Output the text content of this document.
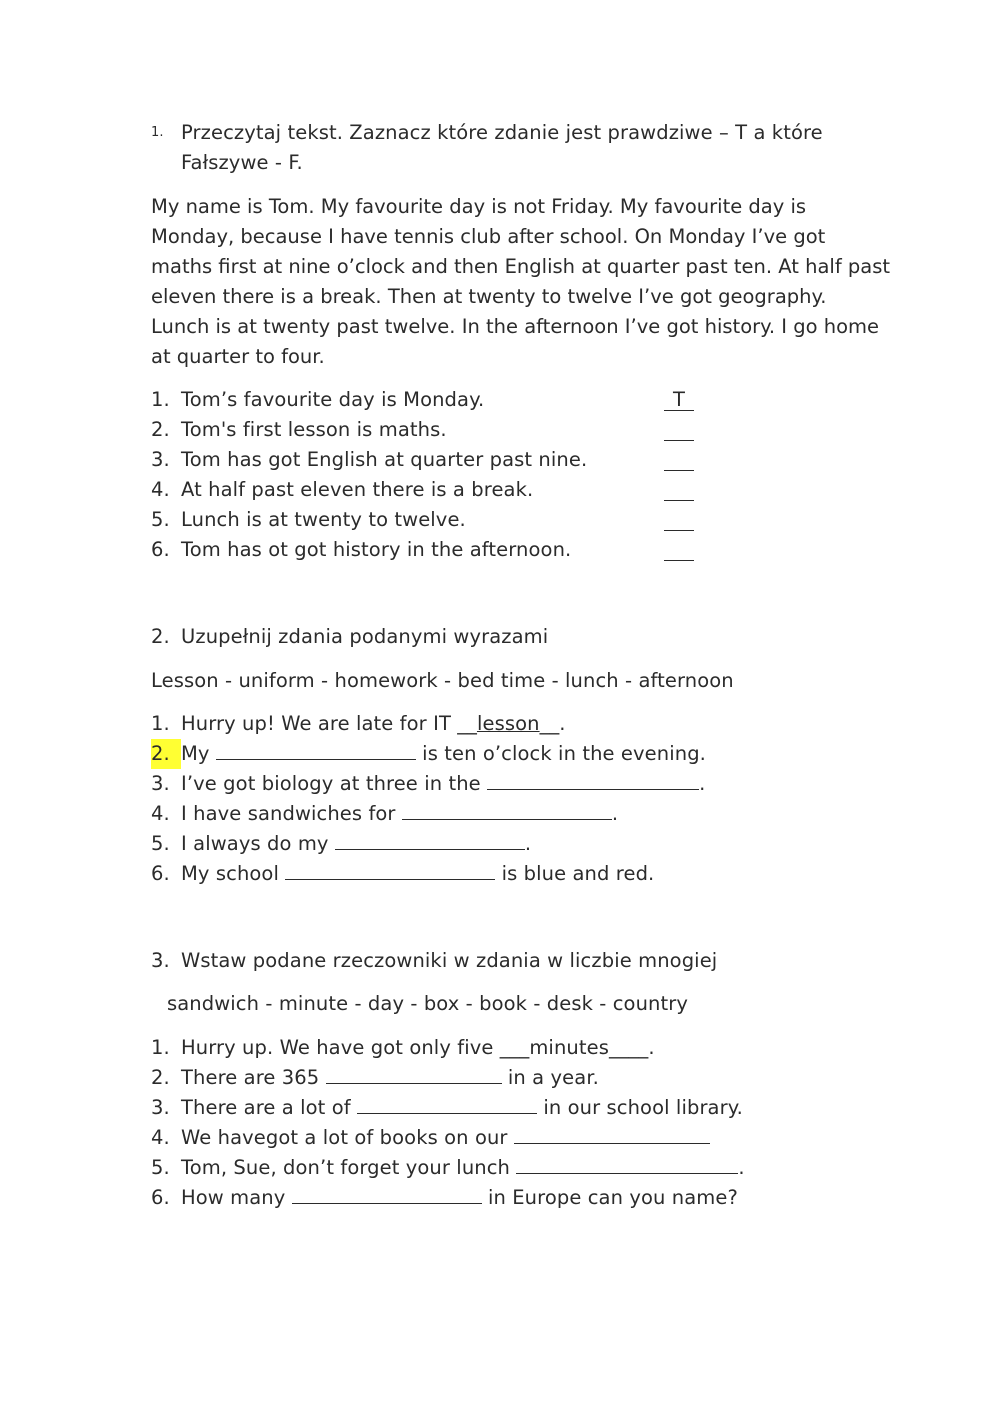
1. Przeczytaj tekst. Zaznacz które zdanie jest prawdziwe – T a które
Fałszywe - F.
My name is Tom. My favourite day is not Friday. My favourite day is
Monday, because I have tennis club after school. On Monday I’ve got
maths first at nine o’clock and then English at quarter past ten. At half past
eleven there is a break. Then at twenty to twelve I’ve got geography.
Lunch is at twenty past twelve. In the afternoon I’ve got history. I go home
at quarter to four.
1. Tom’s favourite day is Monday.	T
2. Tom's first lesson is maths.
3. Tom has got English at quarter past nine.
4. At half past eleven there is a break.
5. Lunch is at twenty to twelve.
6. Tom has ot got history in the afternoon.
2. Uzupełnij zdania podanymi wyrazami
Lesson - uniform - homework - bed time - lunch - afternoon
1. Hurry up! We are late for IT __lesson__.
2. My	is ten o’clock in the evening.
3. I’ve got biology at three in the	.
4. I have sandwiches for	.
5. I always do my	.
6. My school	is blue and red.
3. Wstaw podane rzeczowniki w zdania w liczbie mnogiej
sandwich - minute - day - box - book - desk - country
1. Hurry up. We have got only five ___minutes____.
2. There are 365	in a year.
3. There are a lot of	in our school library.
4. We havegot a lot of books on our
5. Tom, Sue, don’t forget your lunch	.
6. How many	in Europe can you name?
